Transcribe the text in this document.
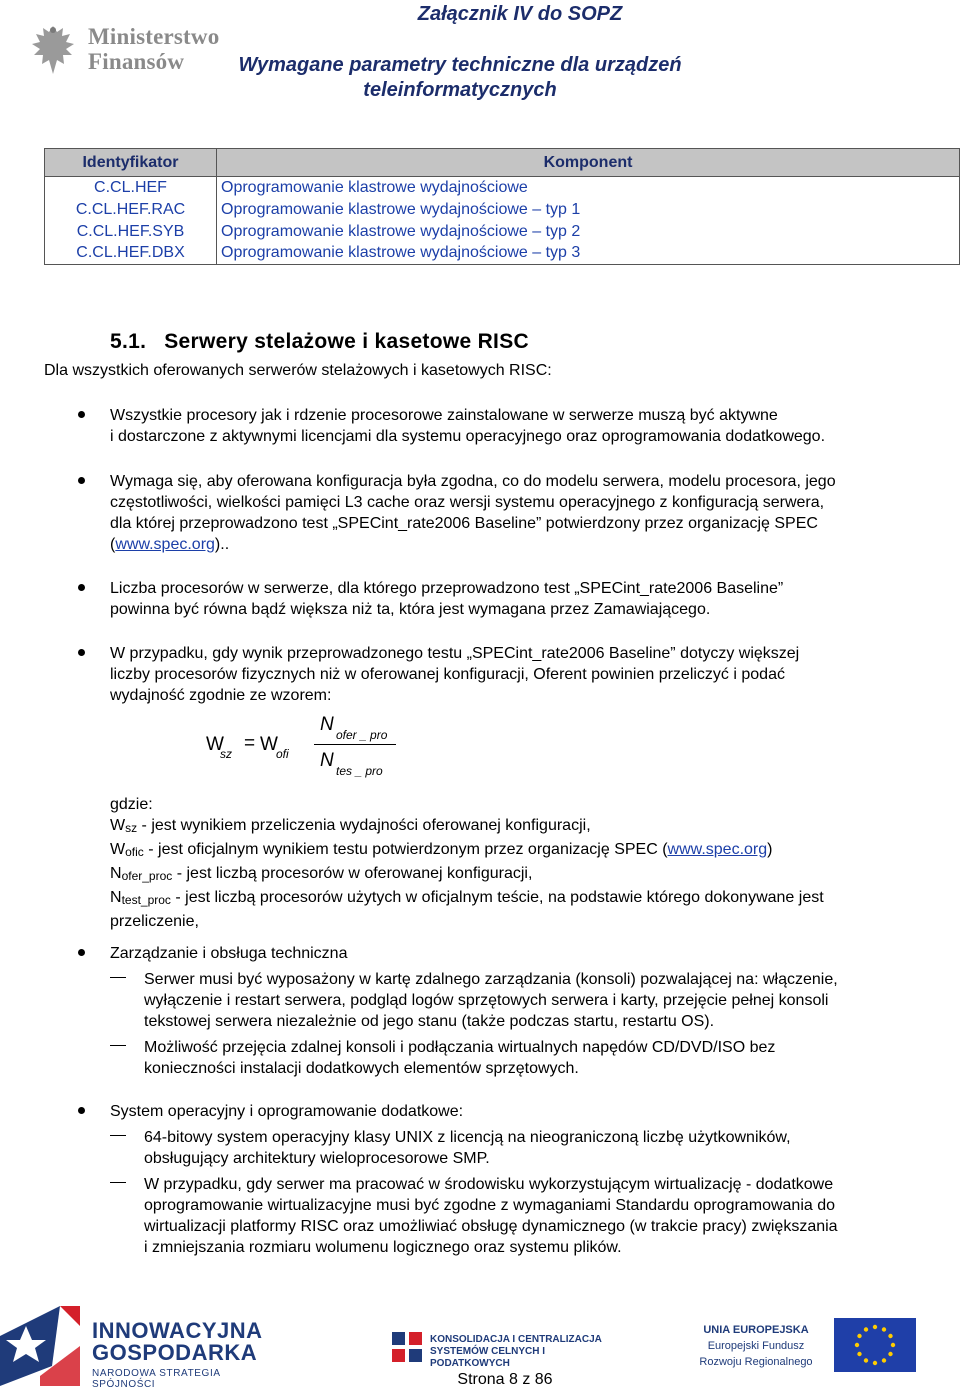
Ministerstwo
Finansów
Załącznik IV do SOPZ
Wymagane parametry techniczne dla urządzeń
teleinformatycznych
Identyfikator	Komponent
C.CL.HEF	Oprogramowanie klastrowe wydajnościowe
C.CL.HEF.RAC	Oprogramowanie klastrowe wydajnościowe – typ 1
C.CL.HEF.SYB	Oprogramowanie klastrowe wydajnościowe – typ 2
C.CL.HEF.DBX	Oprogramowanie klastrowe wydajnościowe – typ 3
5.1. Serwery stelażowe i kasetowe RISC
Dla wszystkich oferowanych serwerów stelażowych i kasetowych RISC:
Wszystkie procesory jak i rdzenie procesorowe zainstalowane w serwerze muszą być aktywne
i dostarczone z aktywnymi licencjami dla systemu operacyjnego oraz oprogramowania dodatkowego.
Wymaga się, aby oferowana konfiguracja była zgodna, co do modelu serwera, modelu procesora, jego
częstotliwości, wielkości pamięci L3 cache oraz wersji systemu operacyjnego z konfiguracją serwera,
dla której przeprowadzono test „SPECint_rate2006 Baseline” potwierdzony przez organizację SPEC
(www.spec.org)..
Liczba procesorów w serwerze, dla którego przeprowadzono test „SPECint_rate2006 Baseline”
powinna być równa bądź większa niż ta, która jest wymagana przez Zamawiającego.
W przypadku, gdy wynik przeprowadzonego testu „SPECint_rate2006 Baseline” dotyczy większej
liczby procesorów fizycznych niż w oferowanej konfiguracji, Oferent powinien przeliczyć i podać
wydajność zgodnie ze wzorem:
W
sz = W
ofi
N ofer _ pro
N tes _ pro
gdzie:
$W_{sz}$ - jest wynikiem przeliczenia wydajności oferowanej konfiguracji,
$W_{ofic}$ - jest oficjalnym wynikiem testu potwierdzonym przez organizację SPEC (www.spec.org)
$N_{ofer\_proc}$ - jest liczbą procesorów w oferowanej konfiguracji,
$N_{test\_proc}$ - jest liczbą procesorów użytych w oficjalnym teście, na podstawie którego dokonywane jest
przeliczenie,
Zarządzanie i obsługa techniczna
Serwer musi być wyposażony w kartę zdalnego zarządzania (konsoli) pozwalającej na: włączenie,
wyłączenie i restart serwera, podgląd logów sprzętowych serwera i karty, przejęcie pełnej konsoli
tekstowej serwera niezależnie od jego stanu (także podczas startu, restartu OS).
Możliwość przejęcia zdalnej konsoli i podłączania wirtualnych napędów CD/DVD/ISO bez
konieczności instalacji dodatkowych elementów sprzętowych.
System operacyjny i oprogramowanie dodatkowe:
64-bitowy system operacyjny klasy UNIX z licencją na nieograniczoną liczbę użytkowników,
obsługujący architektury wieloprocesorowe SMP.
W przypadku, gdy serwer ma pracować w środowisku wykorzystującym wirtualizację - dodatkowe
oprogramowanie wirtualizacyjne musi być zgodne z wymaganiami Standardu oprogramowania do
wirtualizacji platformy RISC oraz umożliwiać obsługę dynamicznego (w trakcie pracy) zwiększania
i zmniejszania rozmiaru wolumenu logicznego oraz systemu plików.
INNOWACYJNA
GOSPODARKA
NARODOWA STRATEGIA SPÓJNOŚCI
KONSOLIDACJA I CENTRALIZACJA
SYSTEMÓW CELNYCH I PODATKOWYCH
UNIA EUROPEJSKA
Europejski Fundusz
Rozwoju Regionalnego
Strona 8 z 86
